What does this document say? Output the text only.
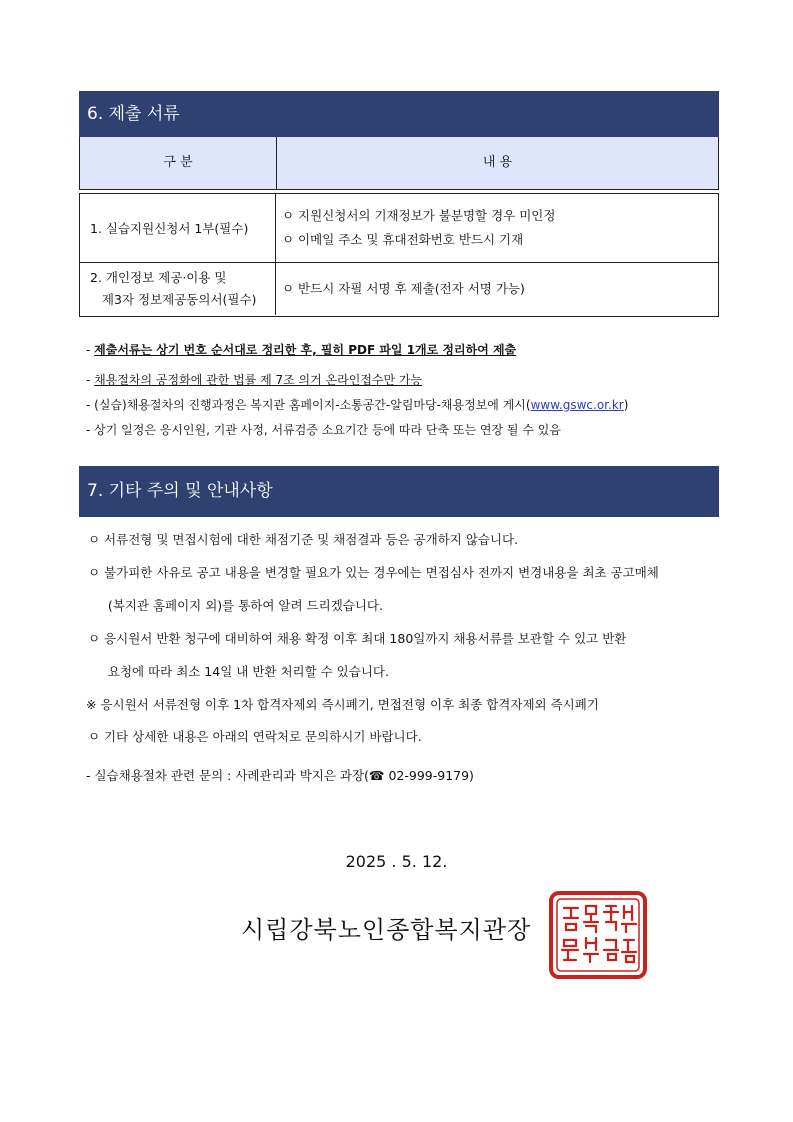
6. 제출 서류
구 분	내 용
1. 실습지원신청서 1부(필수)
ㅇ 지원신청서의 기재정보가 불분명할 경우 미인정
ㅇ 이메일 주소 및 휴대전화번호 반드시 기재
2. 개인정보 제공·이용 및
제3자 정보제공동의서(필수)
ㅇ 반드시 자필 서명 후 제출(전자 서명 가능)
- 제출서류는 상기 번호 순서대로 정리한 후, 필히 PDF 파일 1개로 정리하여 제출
- 채용절차의 공정화에 관한 법률 제 7조 의거 온라인접수만 가능
- (실습)채용절차의 진행과정은 복지관 홈페이지-소통공간-알림마당-채용정보에 게시(www.gswc.or.kr)
- 상기 일정은 응시인원, 기관 사정, 서류검증 소요기간 등에 따라 단축 또는 연장 될 수 있음
7. 기타 주의 및 안내사항
ㅇ 서류전형 및 면접시험에 대한 채점기준 및 채점결과 등은 공개하지 않습니다.
ㅇ 불가피한 사유로 공고 내용을 변경할 필요가 있는 경우에는 면접심사 전까지 변경내용을 최초 공고매체
(복지관 홈페이지 외)를 통하여 알려 드리겠습니다.
ㅇ 응시원서 반환 청구에 대비하여 채용 확정 이후 최대 180일까지 채용서류를 보관할 수 있고 반환
요청에 따라 최소 14일 내 반환 처리할 수 있습니다.
※ 응시원서 서류전형 이후 1차 합격자제외 즉시폐기, 면접전형 이후 최종 합격자제외 즉시폐기
ㅇ 기타 상세한 내용은 아래의 연락처로 문의하시기 바랍니다.
- 실습채용절차 관련 문의 : 사례관리과 박지은 과장(☎ 02-999-9179)
2025 . 5. 12.
시립강북노인종합복지관장
